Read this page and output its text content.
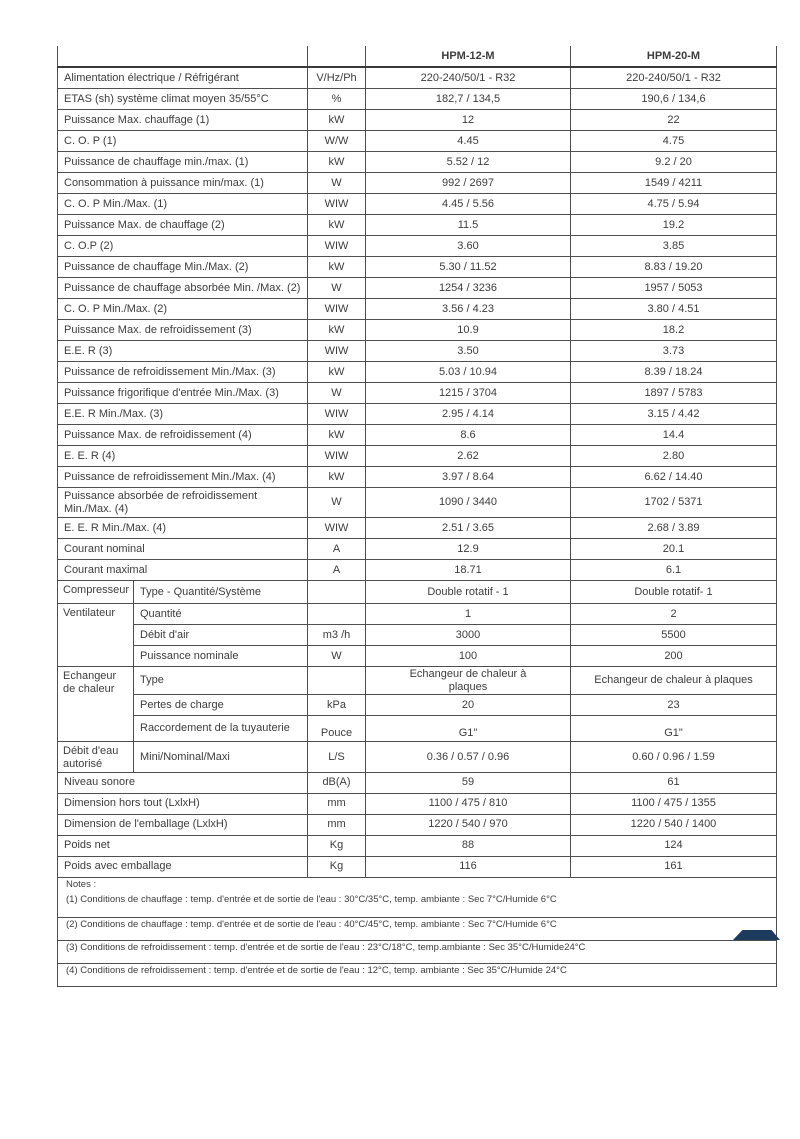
			HPM-12-M	HPM-20-M
Alimentation électrique / Réfrigérant		V/Hz/Ph	220-240/50/1 - R32	220-240/50/1 - R32
ETAS (sh) système climat moyen 35/55°C		%	182,7 / 134,5	190,6 / 134,6
Puissance Max. chauffage (1)		kW	12	22
C. O. P (1)		W/W	4.45	4.75
Puissance de chauffage min./max. (1)		kW	5.52 / 12	9.2 / 20
Consommation à puissance min/max. (1)		W	992 / 2697	1549 / 4211
C. O. P Min./Max. (1)		WIW	4.45 / 5.56	4.75 / 5.94
Puissance Max. de chauffage (2)		kW	11.5	19.2
C. O.P (2)		WIW	3.60	3.85
Puissance de chauffage Min./Max. (2)		kW	5.30 / 11.52	8.83 / 19.20
Puissance de chauffage absorbée Min. /Max. (2)		W	1254 / 3236	1957 / 5053
C. O. P Min./Max. (2)		WIW	3.56 / 4.23	3.80 / 4.51
Puissance Max. de refroidissement (3)		kW	10.9	18.2
E.E. R (3)		WIW	3.50	3.73
Puissance de refroidissement Min./Max. (3)		kW	5.03 / 10.94	8.39 / 18.24
Puissance frigorifique d'entrée Min./Max. (3)		W	1215 / 3704	1897 / 5783
E.E. R Min./Max. (3)		WIW	2.95 / 4.14	3.15 / 4.42
Puissance Max. de refroidissement (4)		kW	8.6	14.4
E. E. R (4)		WIW	2.62	2.80
Puissance de refroidissement Min./Max. (4)		kW	3.97 / 8.64	6.62 / 14.40
Puissance absorbée de refroidissement Min./Max. (4)		W	1090 / 3440	1702 / 5371
E. E. R Min./Max. (4)		WIW	2.51 / 3.65	2.68 / 3.89
Courant nominal		A	12.9	20.1
Courant maximal		A	18.71	6.1
Compresseur	Type - Quantité/Système		Double rotatif - 1	Double rotatif- 1
Ventilateur	Quantité		1	2
	Débit d'air	m3 /h	3000	5500
	Puissance nominale	W	100	200
Echangeur de chaleur	Type		Echangeur de chaleur à plaques	Echangeur de chaleur à plaques
	Pertes de charge	kPa	20	23
	Raccordement de la tuyauterie	Pouce	G1"	G1"
Débit d'eau autorisé	Mini/Nominal/Maxi	L/S	0.36 / 0.57 / 0.96	0.60 / 0.96 / 1.59
Niveau sonore		dB(A)	59	61
Dimension hors tout (LxlxH)		mm	1100 / 475 / 810	1100 / 475 / 1355
Dimension de l'emballage (LxlxH)		mm	1220 / 540 / 970	1220 / 540 / 1400
Poids net		Kg	88	124
Poids avec emballage		Kg	116	161

Notes :
(1) Conditions de chauffage : temp. d'entrée et de sortie de l'eau : 30°C/35°C, temp. ambiante : Sec 7°C/Humide 6°C				

(2) Conditions de chauffage : temp. d'entrée et de sortie de l'eau : 40°C/45°C, temp. ambiante : Sec 7°C/Humide 6°C				
(3) Conditions de refroidissement : temp. d'entrée et de sortie de l'eau : 23°C/18°C, temp.ambiante : Sec 35°C/Humide24°C				
(4) Conditions de refroidissement : temp. d'entrée et de sortie de l'eau : 12°C, temp. ambiante : Sec 35°C/Humide 24°C				
